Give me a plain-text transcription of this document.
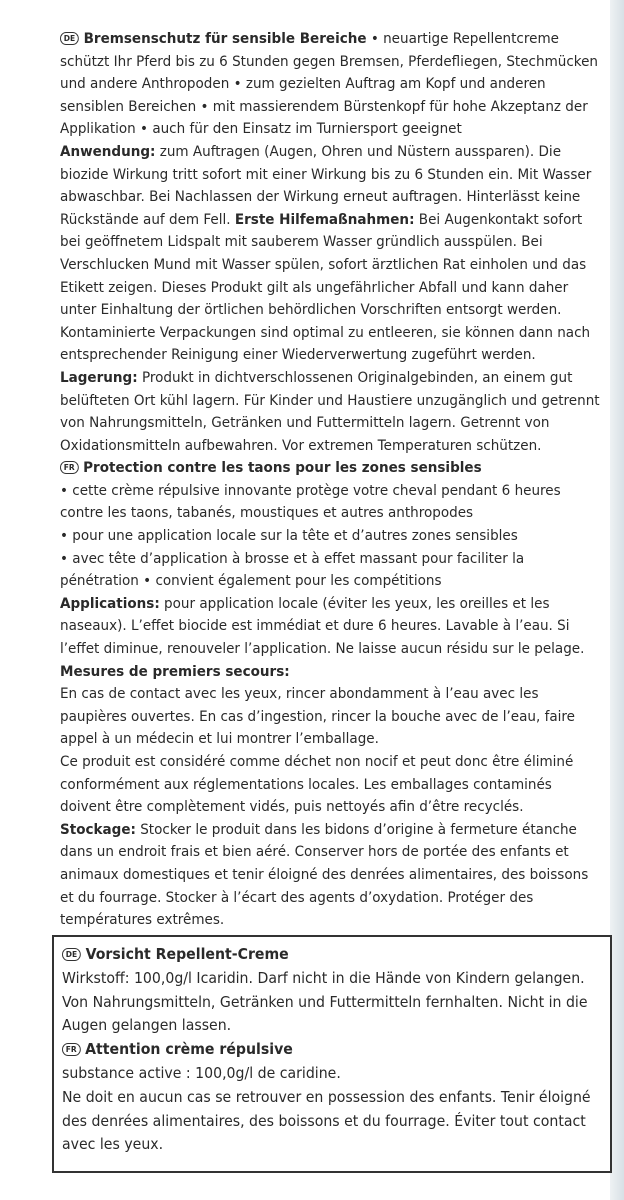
DE Bremsenschutz für sensible Bereiche • neuartige Repellentcreme schützt Ihr Pferd bis zu 6 Stunden gegen Bremsen, Pferdefliegen, Stechmücken und andere Anthropoden • zum gezielten Auftrag am Kopf und anderen sensiblen Bereichen • mit massierendem Bürstenkopf für hohe Akzeptanz der Applikation • auch für den Einsatz im Turniersport geeignet
Anwendung: zum Auftragen (Augen, Ohren und Nüstern aussparen). Die biozide Wirkung tritt sofort mit einer Wirkung bis zu 6 Stunden ein. Mit Wasser abwaschbar. Bei Nachlassen der Wirkung erneut auftragen. Hinterlässt keine Rückstände auf dem Fell. Erste Hilfemaßnahmen: Bei Augenkontakt sofort bei geöffnetem Lidspalt mit sauberem Wasser gründlich ausspülen. Bei Verschlucken Mund mit Wasser spülen, sofort ärztlichen Rat einholen und das Etikett zeigen. Dieses Produkt gilt als ungefährlicher Abfall und kann daher unter Einhaltung der örtlichen behördlichen Vorschriften entsorgt werden. Kontaminierte Verpackungen sind optimal zu entleeren, sie können dann nach entsprechender Reinigung einer Wiederverwertung zugeführt werden. Lagerung: Produkt in dichtverschlossenen Originalgebinden, an einem gut belüfteten Ort kühl lagern. Für Kinder und Haustiere unzugänglich und getrennt von Nahrungsmitteln, Getränken und Futtermitteln lagern. Getrennt von Oxidationsmitteln aufbewahren. Vor extremen Temperaturen schützen.

FR Protection contre les taons pour les zones sensibles
• cette crème répulsive innovante protège votre cheval pendant 6 heures contre les taons, tabanés, moustiques et autres anthropodes
• pour une application locale sur la tête et d’autres zones sensibles
• avec tête d’application à brosse et à effet massant pour faciliter la pénétration • convient également pour les compétitions
Applications: pour application locale (éviter les yeux, les oreilles et les naseaux). L’effet biocide est immédiat et dure 6 heures. Lavable à l’eau. Si l’effet diminue, renouveler l’application. Ne laisse aucun résidu sur le pelage.
Mesures de premiers secours:
En cas de contact avec les yeux, rincer abondamment à l’eau avec les paupières ouvertes. En cas d’ingestion, rincer la bouche avec de l’eau, faire appel à un médecin et lui montrer l’emballage.
Ce produit est considéré comme déchet non nocif et peut donc être éliminé conformément aux réglementations locales. Les emballages contaminés doivent être complètement vidés, puis nettoyés afin d’être recyclés.
Stockage: Stocker le produit dans les bidons d’origine à fermeture étanche dans un endroit frais et bien aéré. Conserver hors de portée des enfants et animaux domestiques et tenir éloigné des denrées alimentaires, des boissons et du fourrage. Stocker à l’écart des agents d’oxydation. Protéger des températures extrêmes.

DE Vorsicht Repellent-Creme
Wirkstoff: 100,0g/l Icaridin. Darf nicht in die Hände von Kindern gelangen. Von Nahrungsmitteln, Getränken und Futtermitteln fernhalten. Nicht in die Augen gelangen lassen.
FR Attention crème répulsive
substance active : 100,0g/l de caridine.
Ne doit en aucun cas se retrouver en possession des enfants. Tenir éloigné des denrées alimentaires, des boissons et du fourrage. Éviter tout contact avec les yeux.
